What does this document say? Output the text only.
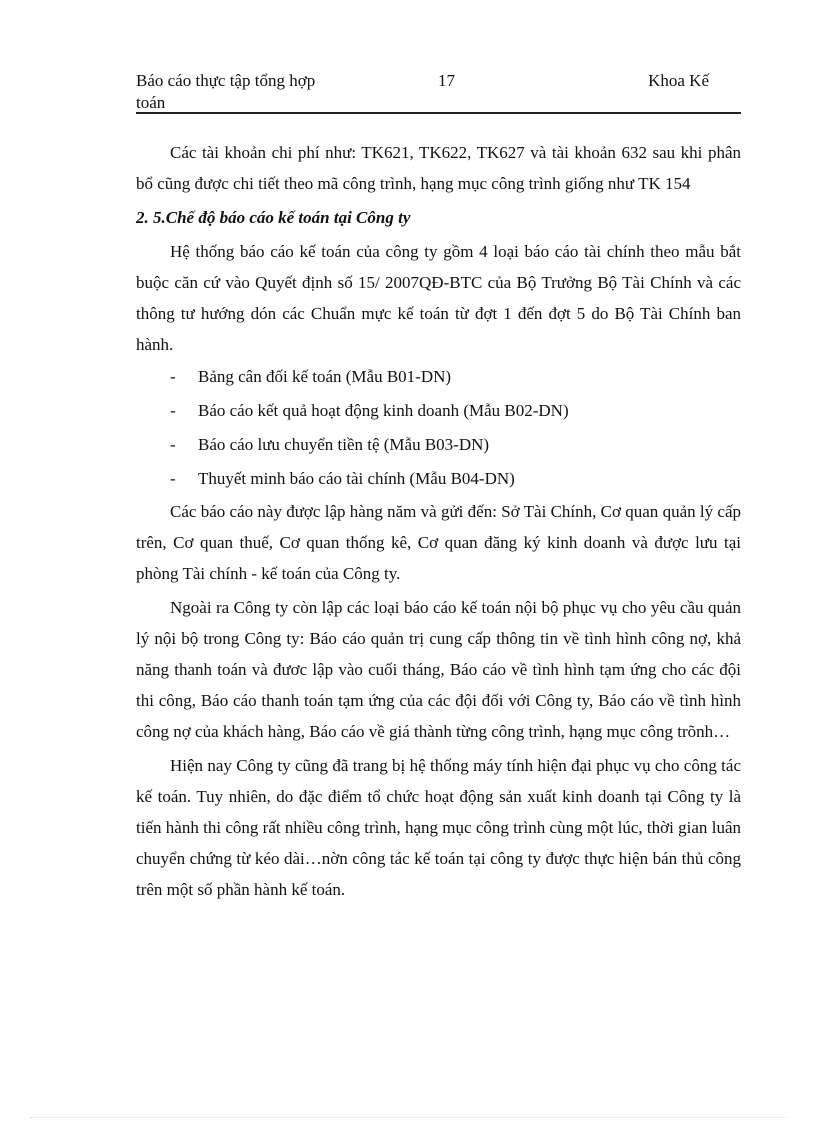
Báo cáo thực tập tổng hợp
toán
17	Khoa Kế

Các tài khoản chi phí như: TK621, TK622, TK627 và tài khoản 632 sau khi phân bổ cũng được chi tiết theo mã công trình, hạng mục công trình giống như TK 154

2. 5.Chế độ báo cáo kế toán tại Công ty

Hệ thống báo cáo kế toán của công ty gồm 4 loại báo cáo tài chính theo mẫu bắt buộc căn cứ vào Quyết định số 15/ 2007QĐ-BTC của Bộ Trưởng Bộ Tài Chính và các thông tư hướng dón các Chuẩn mực kế toán từ đợt 1 đến đợt 5 do Bộ Tài Chính ban hành.

- Bảng cân đối kế toán (Mẫu B01-DN)
- Báo cáo kết quả hoạt động kinh doanh (Mẫu B02-DN)
- Báo cáo lưu chuyển tiền tệ (Mẫu B03-DN)
- Thuyết minh báo cáo tài chính (Mẫu B04-DN)

Các báo cáo này được lập hàng năm và gửi đến: Sở Tài Chính, Cơ quan quản lý cấp trên, Cơ quan thuế, Cơ quan thống kê, Cơ quan đăng ký kinh doanh và được lưu tại phòng Tài chính - kế toán của Công ty.

Ngoài ra Công ty còn lập các loại báo cáo kế toán nội bộ phục vụ cho yêu cầu quản lý nội bộ trong Công ty: Báo cáo quản trị cung cấp thông tin về tình hình công nợ, khả năng thanh toán và đươc lập vào cuối tháng, Báo cáo về tình hình tạm ứng cho các đội thi công, Báo cáo thanh toán tạm ứng của các đội đối với Công ty, Báo cáo về tình hình công nợ của khách hàng, Báo cáo về giá thành từng công trình, hạng mục công trõnh…

Hiện nay Công ty cũng đã trang bị hệ thống máy tính hiện đại phục vụ cho công tác kế toán. Tuy nhiên, do đặc điểm tổ chức hoạt động sản xuất kinh doanh tại Công ty là tiến hành thi công rất nhiều công trình, hạng mục công trình cùng một lúc, thời gian luân chuyển chứng từ kéo dài…nờn công tác kế toán tại công ty được thực hiện bán thủ công trên một số phần hành kế toán.
